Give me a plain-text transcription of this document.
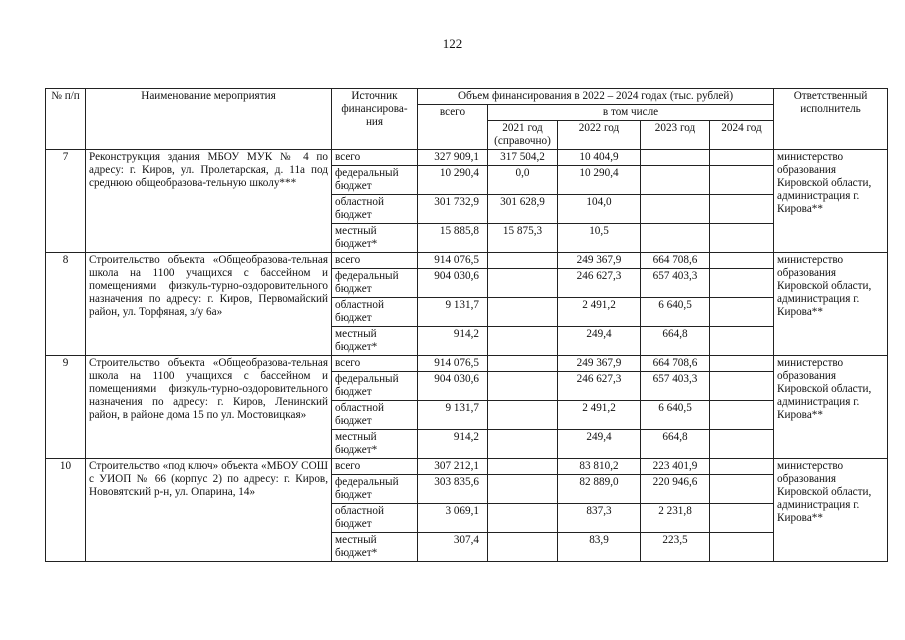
122
№ п/п	Наименование мероприятия	Источник финансирова-ния	Объем финансирования в 2022 – 2024 годах (тыс. рублей)					Ответственный исполнитель
			всего	в том числе				
				2021 год (справочно)	2022 год	2023 год	2024 год	
7	Реконструкция здания МБОУ МУК № 4 по адресу: г. Киров, ул. Пролетарская, д. 11а под среднюю общеобразова-тельную школу***	всего	327 909,1	317 504,2	10 404,9			министерство образования Кировской области, администрация г. Кирова**
		федеральный бюджет	10 290,4	0,0	10 290,4			
		областной бюджет	301 732,9	301 628,9	104,0			
		местный бюджет*	15 885,8	15 875,3	10,5			
8	Строительство объекта «Общеобразова-тельная школа на 1100 учащихся с бассейном и помещениями физкуль-турно-оздоровительного назначения по адресу: г. Киров, Первомайский район, ул. Торфяная, з/у 6а»	всего	914 076,5		249 367,9	664 708,6		министерство образования Кировской области, администрация г. Кирова**
		федеральный бюджет	904 030,6		246 627,3	657 403,3		
		областной бюджет	9 131,7		2 491,2	6 640,5		
		местный бюджет*	914,2		249,4	664,8		
9	Строительство объекта «Общеобразова-тельная школа на 1100 учащихся с бассейном и помещениями физкуль-турно-оздоровительного назначения по адресу: г. Киров, Ленинский район, в районе дома 15 по ул. Мостовицкая»	всего	914 076,5		249 367,9	664 708,6		министерство образования Кировской области, администрация г. Кирова**
		федеральный бюджет	904 030,6		246 627,3	657 403,3		
		областной бюджет	9 131,7		2 491,2	6 640,5		
		местный бюджет*	914,2		249,4	664,8		
10	Строительство «под ключ» объекта «МБОУ СОШ с УИОП № 66 (корпус 2) по адресу: г. Киров, Нововятский р-н, ул. Опарина, 14»	всего	307 212,1		83 810,2	223 401,9		министерство образования Кировской области, администрация г. Кирова**
		федеральный бюджет	303 835,6		82 889,0	220 946,6		
		областной бюджет	3 069,1		837,3	2 231,8		
		местный бюджет*	307,4		83,9	223,5		
